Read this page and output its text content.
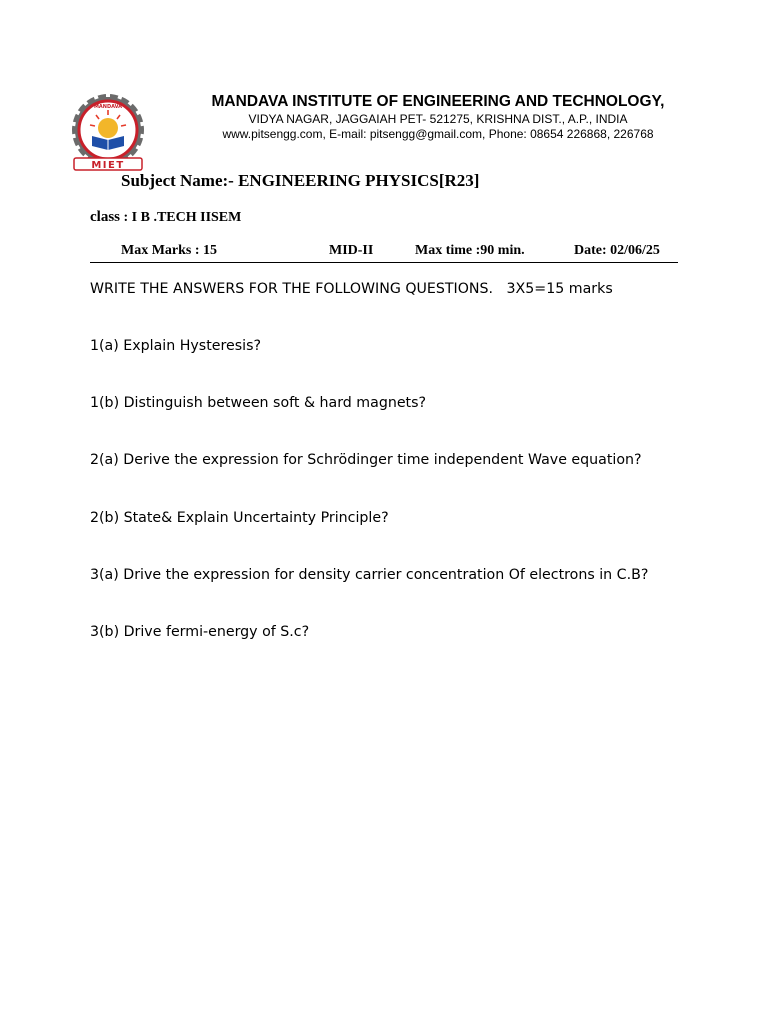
MANDAVA
MIET
MANDAVA INSTITUTE OF ENGINEERING AND TECHNOLOGY,
VIDYA NAGAR, JAGGAIAH PET- 521275, KRISHNA DIST., A.P., INDIA
www.pitsengg.com, E-mail: pitsengg@gmail.com, Phone: 08654 226868, 226768
Subject Name:- ENGINEERING PHYSICS[R23]
class : I B .TECH IISEM
Max Marks : 15	MID-II	Max time :90 min.	Date: 02/06/25
WRITE THE ANSWERS FOR THE FOLLOWING QUESTIONS.   3X5=15 marks
1(a) Explain Hysteresis?
1(b) Distinguish between soft & hard magnets?
2(a) Derive the expression for Schrödinger time independent Wave equation?
2(b) State& Explain Uncertainty Principle?
3(a) Drive the expression for density carrier concentration Of electrons in C.B?
3(b) Drive fermi-energy of S.c?
